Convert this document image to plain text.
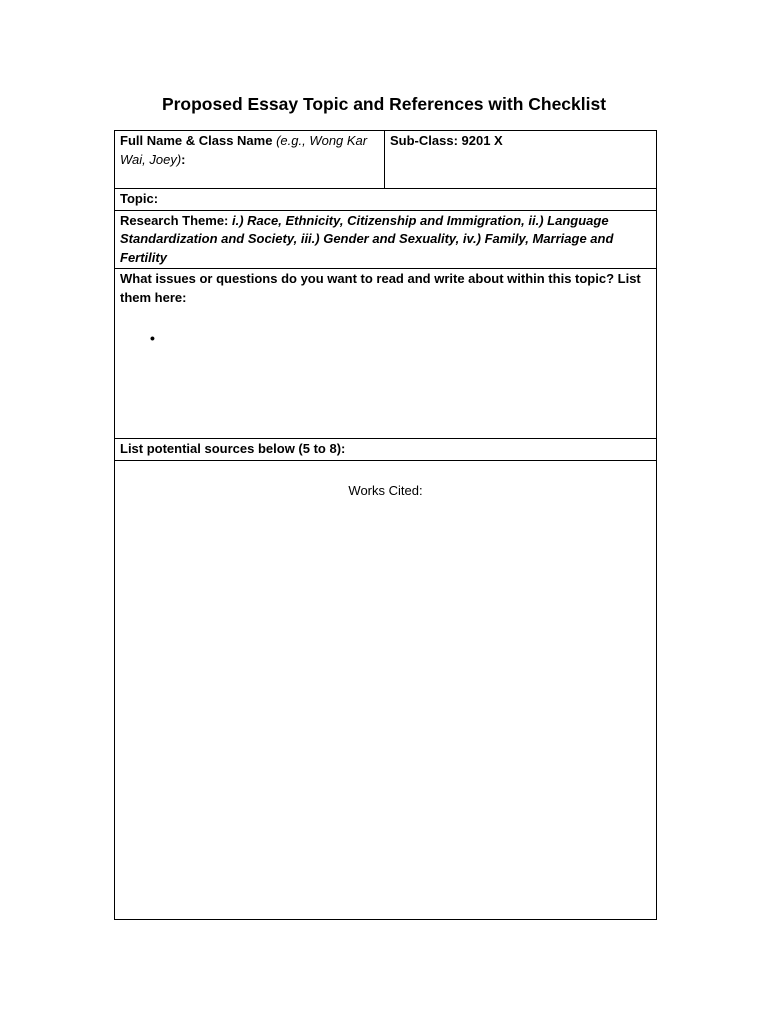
Proposed Essay Topic and References with Checklist
Full Name & Class Name (e.g., Wong Kar Wai, Joey):	Sub-Class: 9201 X
Topic:
Research Theme: i.) Race, Ethnicity, Citizenship and Immigration, ii.) Language Standardization and Society, iii.) Gender and Sexuality, iv.) Family, Marriage and Fertility

What issues or questions do you want to read and write about within this topic? List them here:
•

List potential sources below (5 to 8):

Works Cited:
